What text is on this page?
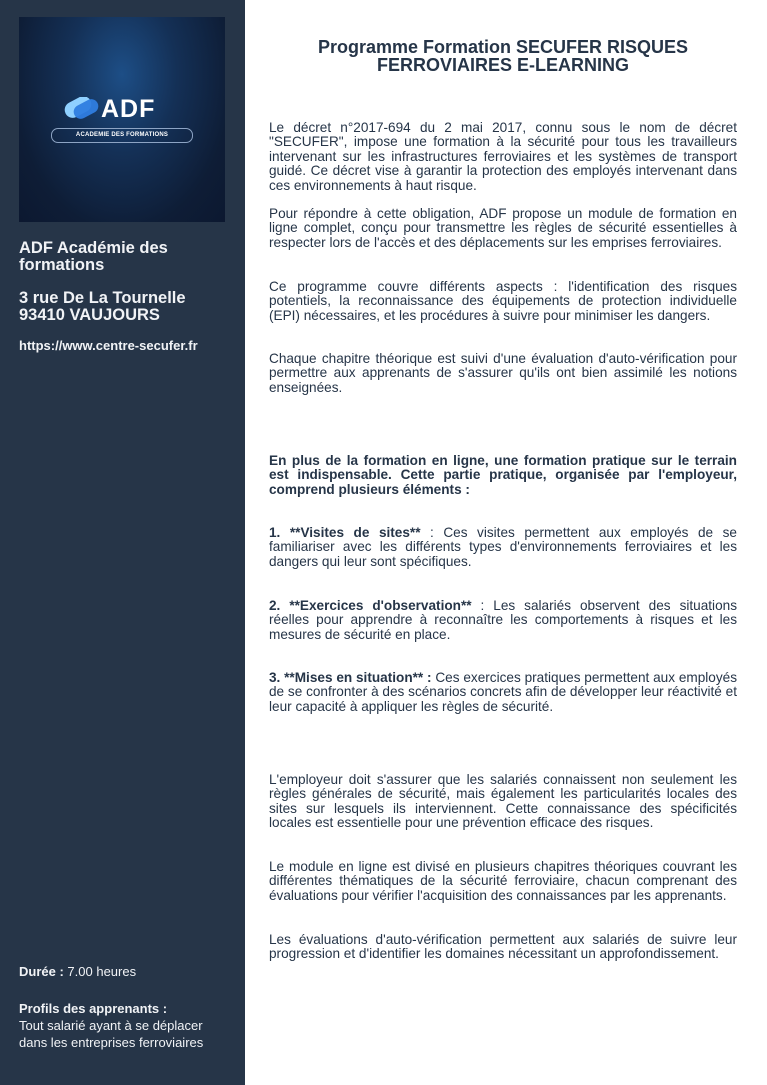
ADF
ACADEMIE DES FORMATIONS
ADF Académie des formations
3 rue De La Tournelle
93410 VAUJOURS
https://www.centre-secufer.fr
Durée : 7.00 heures
Profils des apprenants :
Tout salarié ayant à se déplacer dans les entreprises ferroviaires
Programme Formation SECUFER RISQUES FERROVIAIRES E-LEARNING

Le décret n°2017-694 du 2 mai 2017, connu sous le nom de décret "SECUFER", impose une formation à la sécurité pour tous les travailleurs intervenant sur les infrastructures ferroviaires et les systèmes de transport guidé. Ce décret vise à garantir la protection des employés intervenant dans ces environnements à haut risque.

Pour répondre à cette obligation, ADF propose un module de formation en ligne complet, conçu pour transmettre les règles de sécurité essentielles à respecter lors de l'accès et des déplacements sur les emprises ferroviaires.

Ce programme couvre différents aspects : l'identification des risques potentiels, la reconnaissance des équipements de protection individuelle (EPI) nécessaires, et les procédures à suivre pour minimiser les dangers.

Chaque chapitre théorique est suivi d'une évaluation d'auto-vérification pour permettre aux apprenants de s'assurer qu'ils ont bien assimilé les notions enseignées.

En plus de la formation en ligne, une formation pratique sur le terrain est indispensable. Cette partie pratique, organisée par l'employeur, comprend plusieurs éléments :

1. **Visites de sites** : Ces visites permettent aux employés de se familiariser avec les différents types d'environnements ferroviaires et les dangers qui leur sont spécifiques.

2. **Exercices d'observation** : Les salariés observent des situations réelles pour apprendre à reconnaître les comportements à risques et les mesures de sécurité en place.

3. **Mises en situation** : Ces exercices pratiques permettent aux employés de se confronter à des scénarios concrets afin de développer leur réactivité et leur capacité à appliquer les règles de sécurité.

L'employeur doit s'assurer que les salariés connaissent non seulement les règles générales de sécurité, mais également les particularités locales des sites sur lesquels ils interviennent. Cette connaissance des spécificités locales est essentielle pour une prévention efficace des risques.

Le module en ligne est divisé en plusieurs chapitres théoriques couvrant les différentes thématiques de la sécurité ferroviaire, chacun comprenant des évaluations pour vérifier l'acquisition des connaissances par les apprenants.

Les évaluations d'auto-vérification permettent aux salariés de suivre leur progression et d'identifier les domaines nécessitant un approfondissement.
